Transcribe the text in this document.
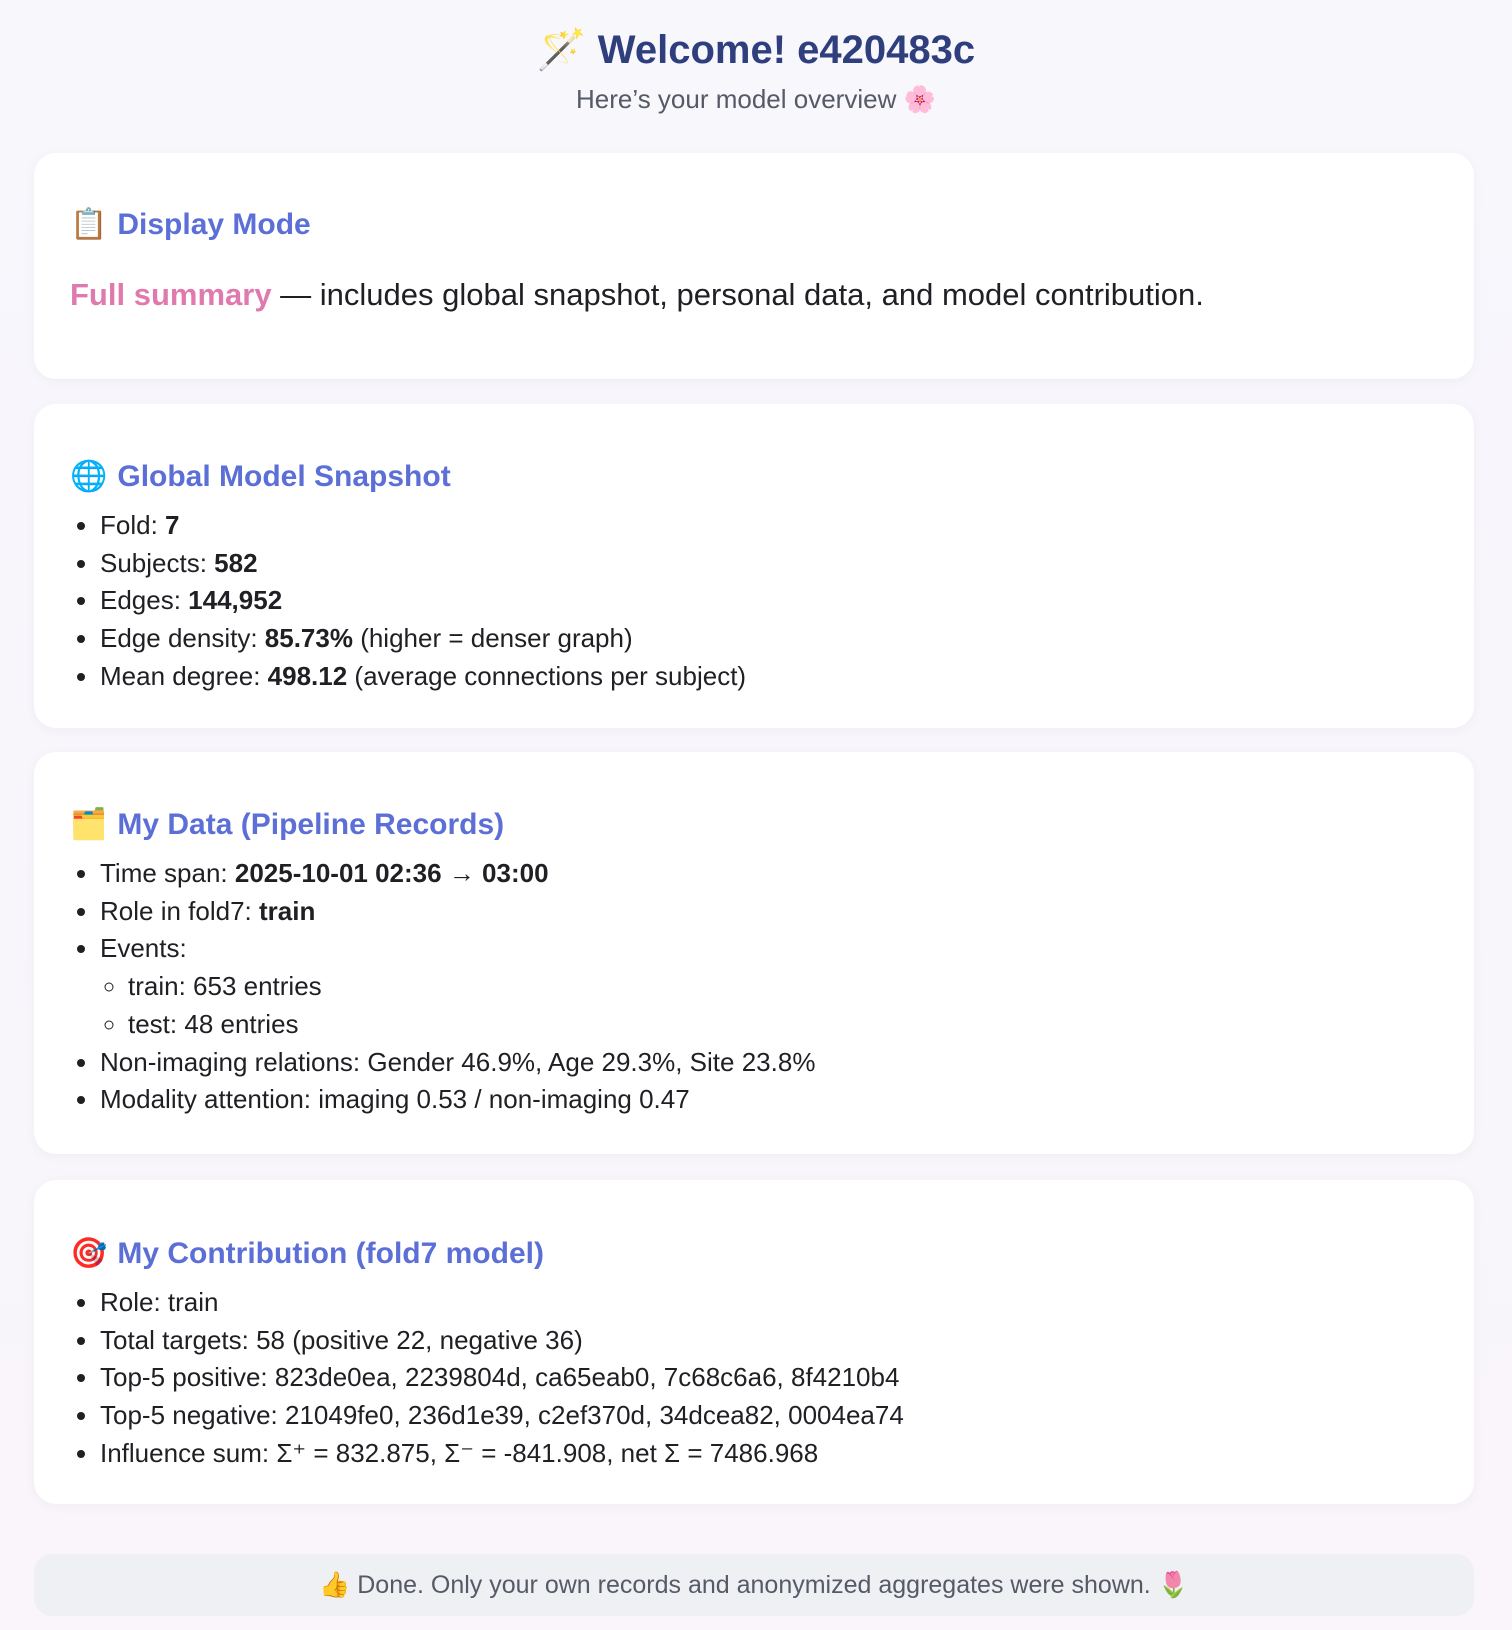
🪄 Welcome! e420483c
Here’s your model overview 🌸
📋 Display Mode
Full summary — includes global snapshot, personal data, and model contribution.
🌐 Global Model Snapshot
• Fold: 7
• Subjects: 582
• Edges: 144,952
• Edge density: 85.73% (higher = denser graph)
• Mean degree: 498.12 (average connections per subject)
🗂️ My Data (Pipeline Records)
• Time span: 2025-10-01 02:36 → 03:00
• Role in fold7: train
• Events:
◦ train: 653 entries
◦ test: 48 entries
• Non-imaging relations: Gender 46.9%, Age 29.3%, Site 23.8%
• Modality attention: imaging 0.53 / non-imaging 0.47
🎯 My Contribution (fold7 model)
• Role: train
• Total targets: 58 (positive 22, negative 36)
• Top-5 positive: 823de0ea, 2239804d, ca65eab0, 7c68c6a6, 8f4210b4
• Top-5 negative: 21049fe0, 236d1e39, c2ef370d, 34dcea82, 0004ea74
• Influence sum: Σ⁺ = 832.875, Σ⁻ = -841.908, net Σ = 7486.968
👍 Done. Only your own records and anonymized aggregates were shown. 🌷
